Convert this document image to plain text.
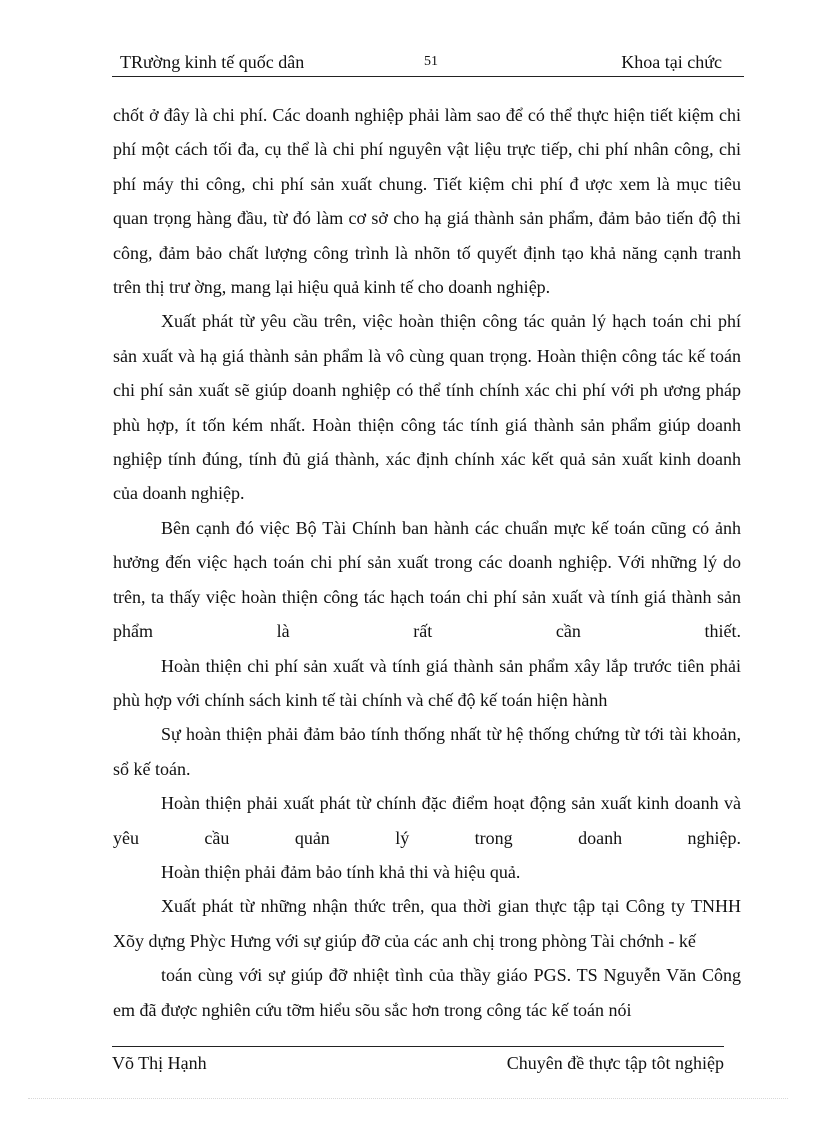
TRường kinh tế quốc dân	51	Khoa tại chức

chốt ở đây là chi phí. Các doanh nghiệp phải làm sao để có thể thực hiện tiết kiệm chi phí một cách tối đa, cụ thể là chi phí nguyên vật liệu trực tiếp, chi phí nhân công, chi phí máy thi công, chi phí sản xuất chung. Tiết kiệm chi phí đ ược xem là mục tiêu quan trọng hàng đầu, từ đó làm cơ sở cho hạ giá thành sản phẩm, đảm bảo tiến độ thi công, đảm bảo chất lượng công trình là nhõn tố quyết định tạo khả năng cạnh tranh trên thị trư ờng, mang lại hiệu quả kinh tế cho doanh nghiệp.

Xuất phát từ yêu cầu trên, việc hoàn thiện công tác quản lý hạch toán chi phí sản xuất và hạ giá thành sản phẩm là vô cùng quan trọng. Hoàn thiện công tác kế toán chi phí sản xuất sẽ giúp doanh nghiệp có thể tính chính xác chi phí với ph ương pháp phù hợp, ít tốn kém nhất. Hoàn thiện công tác tính giá thành sản phẩm giúp doanh nghiệp tính đúng, tính đủ giá thành, xác định chính xác kết quả sản xuất kinh doanh của doanh nghiệp.

Bên cạnh đó việc Bộ Tài Chính ban hành các chuẩn mực kế toán cũng có ảnh hưởng đến việc hạch toán chi phí sản xuất trong các doanh nghiệp. Với những lý do trên, ta thấy việc hoàn thiện công tác hạch toán chi phí sản xuất và tính giá thành sản phẩm là rất cần thiết.

Hoàn thiện chi phí sản xuất và tính giá thành sản phẩm xây lắp trước tiên phải phù hợp với chính sách kinh tế tài chính và chế độ kế toán hiện hành

Sự hoàn thiện phải đảm bảo tính thống nhất từ hệ thống chứng từ tới tài khoản, sổ kế toán.

Hoàn thiện phải xuất phát từ chính đặc điểm hoạt động sản xuất kinh doanh và yêu cầu quản lý trong doanh nghiệp.

Hoàn thiện phải đảm bảo tính khả thi và hiệu quả.

Xuất phát từ những nhận thức trên, qua thời gian thực tập tại Công ty TNHH Xõy dựng Phỳc Hưng với sự giúp đỡ của các anh chị trong phòng Tài chớnh - kế

toán cùng với sự giúp đỡ nhiệt tình của thầy giáo PGS. TS Nguyễn Văn Công em đã được nghiên cứu tỡm hiểu sõu sắc hơn trong công tác kế toán nói

Võ Thị Hạnh	Chuyên đề thực tập tôt nghiệp
